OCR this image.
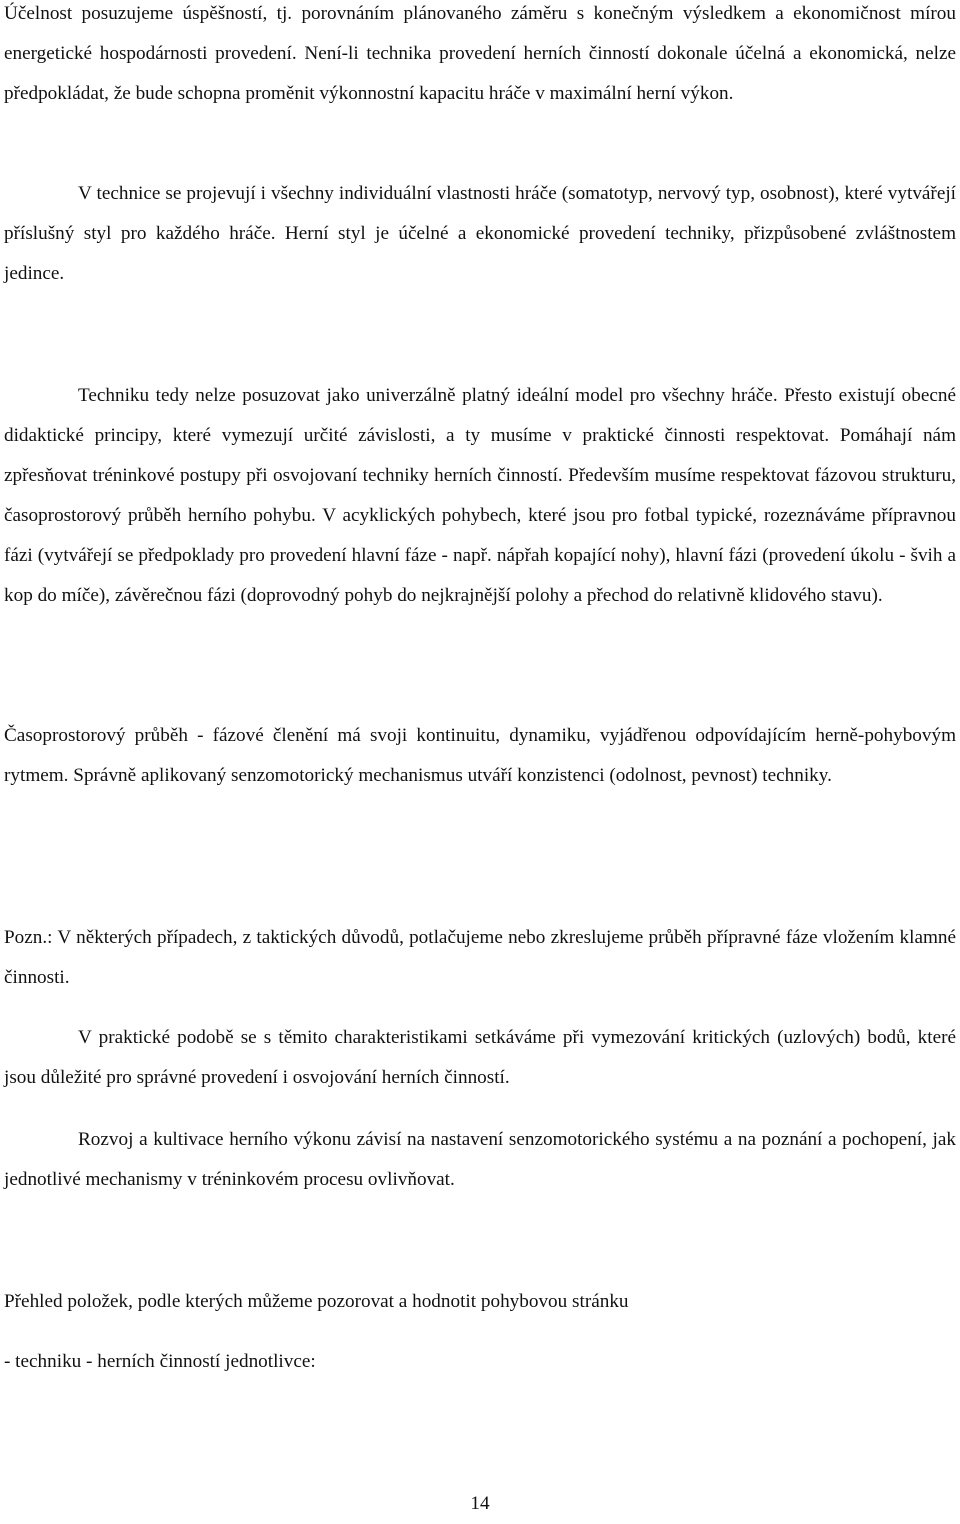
Účelnost posuzujeme úspěšností, tj. porovnáním plánovaného záměru s konečným výsledkem a ekonomičnost mírou energetické hospodárnosti provedení. Není-li technika provedení herních činností dokonale účelná a ekonomická, nelze předpokládat, že bude schopna proměnit výkonnostní kapacitu hráče v maximální herní výkon.

V technice se projevují i všechny individuální vlastnosti hráče (somatotyp, nervový typ, osobnost), které vytvářejí příslušný styl pro každého hráče. Herní styl je účelné a ekonomické provedení techniky, přizpůsobené zvláštnostem jedince.

Techniku tedy nelze posuzovat jako univerzálně platný ideální model pro všechny hráče. Přesto existují obecné didaktické principy, které vymezují určité závislosti, a ty musíme v praktické činnosti respektovat. Pomáhají nám zpřesňovat tréninkové postupy při osvojovaní techniky herních činností. Především musíme respektovat fázovou strukturu, časoprostorový průběh herního pohybu. V acyklických pohybech, které jsou pro fotbal typické, rozeznáváme přípravnou fázi (vytvářejí se předpoklady pro provedení hlavní fáze - např. nápřah kopající nohy), hlavní fázi (provedení úkolu - švih a kop do míče), závěrečnou fázi (doprovodný pohyb do nejkrajnější polohy a přechod do relativně klidového stavu).

Časoprostorový průběh - fázové členění má svoji kontinuitu, dynamiku, vyjádřenou odpovídajícím herně-pohybovým rytmem. Správně aplikovaný senzomotorický mechanismus utváří konzistenci (odolnost, pevnost) techniky.

Pozn.: V některých případech, z taktických důvodů, potlačujeme nebo zkreslujeme průběh přípravné fáze vložením klamné činnosti.

V praktické podobě se s těmito charakteristikami setkáváme při vymezování kritických (uzlových) bodů, které jsou důležité pro správné provedení i osvojování herních činností.

Rozvoj a kultivace herního výkonu závisí na nastavení senzomotorického systému a na poznání a pochopení, jak jednotlivé mechanismy v tréninkovém procesu ovlivňovat.

Přehled položek, podle kterých můžeme pozorovat a hodnotit pohybovou stránku

- techniku - herních činností jednotlivce:

14
